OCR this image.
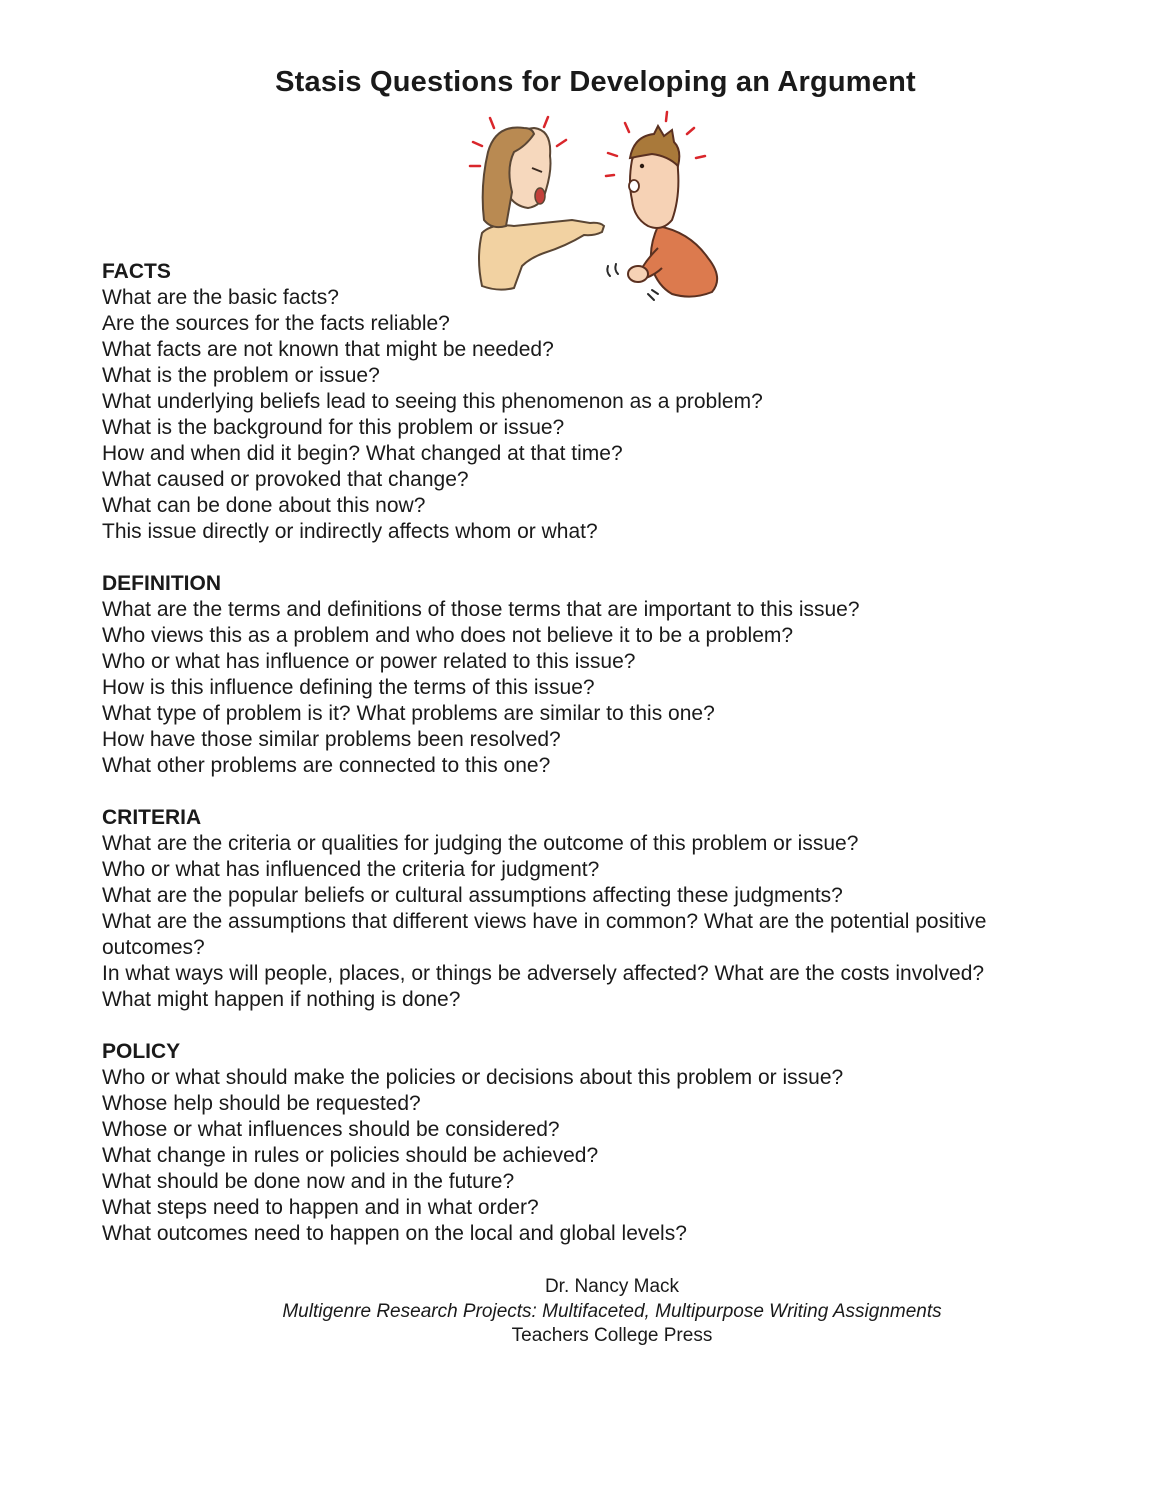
Stasis Questions for Developing an Argument
FACTS
What are the basic facts?
Are the sources for the facts reliable?
What facts are not known that might be needed?
What is the problem or issue?
What underlying beliefs lead to seeing this phenomenon as a problem?
What is the background for this problem or issue?
How and when did it begin? What changed at that time?
What caused or provoked that change?
What can be done about this now?
This issue directly or indirectly affects whom or what?
DEFINITION
What are the terms and definitions of those terms that are important to this issue?
Who views this as a problem and who does not believe it to be a problem?
Who or what has influence or power related to this issue?
How is this influence defining the terms of this issue?
What type of problem is it? What problems are similar to this one?
How have those similar problems been resolved?
What other problems are connected to this one?
CRITERIA
What are the criteria or qualities for judging the outcome of this problem or issue?
Who or what has influenced the criteria for judgment?
What are the popular beliefs or cultural assumptions affecting these judgments?
What are the assumptions that different views have in common? What are the potential positive outcomes?
In what ways will people, places, or things be adversely affected? What are the costs involved?
What might happen if nothing is done?
POLICY
Who or what should make the policies or decisions about this problem or issue?
Whose help should be requested?
Whose or what influences should be considered?
What change in rules or policies should be achieved?
What should be done now and in the future?
What steps need to happen and in what order?
What outcomes need to happen on the local and global levels?
Dr. Nancy Mack
Multigenre Research Projects: Multifaceted, Multipurpose Writing Assignments
Teachers College Press
